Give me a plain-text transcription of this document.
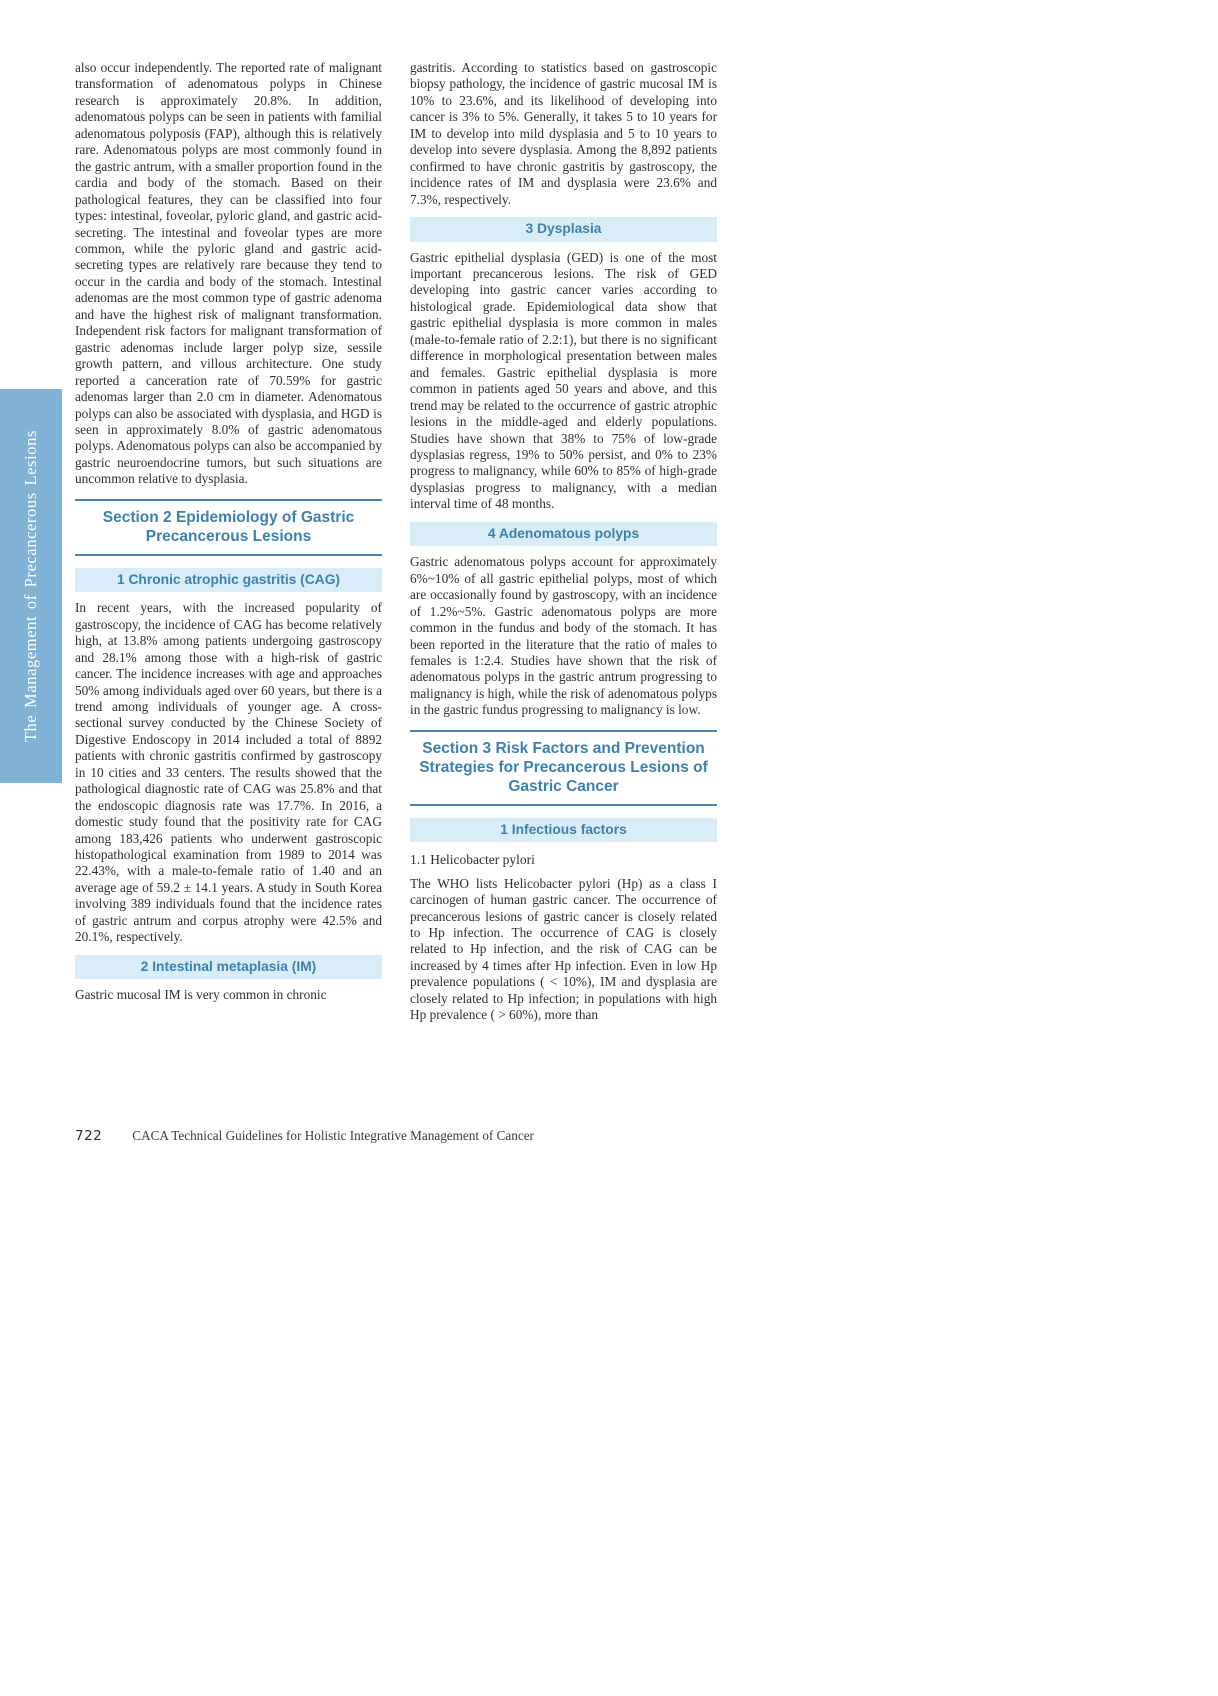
The Management of Precancerous Lesions

also occur independently. The reported rate of malignant transformation of adenomatous polyps in Chinese research is approximately 20.8%. In addition, adenomatous polyps can be seen in patients with familial adenomatous polyposis (FAP), although this is relatively rare. Adenomatous polyps are most commonly found in the gastric antrum, with a smaller proportion found in the cardia and body of the stomach. Based on their pathological features, they can be classified into four types: intestinal, foveolar, pyloric gland, and gastric acid-secreting. The intestinal and foveolar types are more common, while the pyloric gland and gastric acid-secreting types are relatively rare because they tend to occur in the cardia and body of the stomach. Intestinal adenomas are the most common type of gastric adenoma and have the highest risk of malignant transformation. Independent risk factors for malignant transformation of gastric adenomas include larger polyp size, sessile growth pattern, and villous architecture. One study reported a canceration rate of 70.59% for gastric adenomas larger than 2.0 cm in diameter. Adenomatous polyps can also be associated with dysplasia, and HGD is seen in approximately 8.0% of gastric adenomatous polyps. Adenomatous polyps can also be accompanied by gastric neuroendocrine tumors, but such situations are uncommon relative to dysplasia.

Section 2 Epidemiology of Gastric Precancerous Lesions
1 Chronic atrophic gastritis (CAG)

In recent years, with the increased popularity of gastroscopy, the incidence of CAG has become relatively high, at 13.8% among patients undergoing gastroscopy and 28.1% among those with a high-risk of gastric cancer. The incidence increases with age and approaches 50% among individuals aged over 60 years, but there is a trend among individuals of younger age. A cross-sectional survey conducted by the Chinese Society of Digestive Endoscopy in 2014 included a total of 8892 patients with chronic gastritis confirmed by gastroscopy in 10 cities and 33 centers. The results showed that the pathological diagnostic rate of CAG was 25.8% and that the endoscopic diagnosis rate was 17.7%. In 2016, a domestic study found that the positivity rate for CAG among 183,426 patients who underwent gastroscopic histopathological examination from 1989 to 2014 was 22.43%, with a male-to-female ratio of 1.40 and an average age of 59.2 ± 14.1 years. A study in South Korea involving 389 individuals found that the incidence rates of gastric antrum and corpus atrophy were 42.5% and 20.1%, respectively.

2 Intestinal metaplasia (IM)

Gastric mucosal IM is very common in chronic

gastritis. According to statistics based on gastroscopic biopsy pathology, the incidence of gastric mucosal IM is 10% to 23.6%, and its likelihood of developing into cancer is 3% to 5%. Generally, it takes 5 to 10 years for IM to develop into mild dysplasia and 5 to 10 years to develop into severe dysplasia. Among the 8,892 patients confirmed to have chronic gastritis by gastroscopy, the incidence rates of IM and dysplasia were 23.6% and 7.3%, respectively.

3 Dysplasia

Gastric epithelial dysplasia (GED) is one of the most important precancerous lesions. The risk of GED developing into gastric cancer varies according to histological grade. Epidemiological data show that gastric epithelial dysplasia is more common in males (male-to-female ratio of 2.2:1), but there is no significant difference in morphological presentation between males and females. Gastric epithelial dysplasia is more common in patients aged 50 years and above, and this trend may be related to the occurrence of gastric atrophic lesions in the middle-aged and elderly populations. Studies have shown that 38% to 75% of low-grade dysplasias regress, 19% to 50% persist, and 0% to 23% progress to malignancy, while 60% to 85% of high-grade dysplasias progress to malignancy, with a median interval time of 48 months.

4 Adenomatous polyps

Gastric adenomatous polyps account for approximately 6%~10% of all gastric epithelial polyps, most of which are occasionally found by gastroscopy, with an incidence of 1.2%~5%. Gastric adenomatous polyps are more common in the fundus and body of the stomach. It has been reported in the literature that the ratio of males to females is 1:2.4. Studies have shown that the risk of adenomatous polyps in the gastric antrum progressing to malignancy is high, while the risk of adenomatous polyps in the gastric fundus progressing to malignancy is low.

Section 3 Risk Factors and Prevention Strategies for Precancerous Lesions of Gastric Cancer
1 Infectious factors

1.1 Helicobacter pylori

The WHO lists Helicobacter pylori (Hp) as a class I carcinogen of human gastric cancer. The occurrence of precancerous lesions of gastric cancer is closely related to Hp infection. The occurrence of CAG is closely related to Hp infection, and the risk of CAG can be increased by 4 times after Hp infection. Even in low Hp prevalence populations ( < 10%), IM and dysplasia are closely related to Hp infection; in populations with high Hp prevalence ( > 60%), more than

722 CACA Technical Guidelines for Holistic Integrative Management of Cancer
